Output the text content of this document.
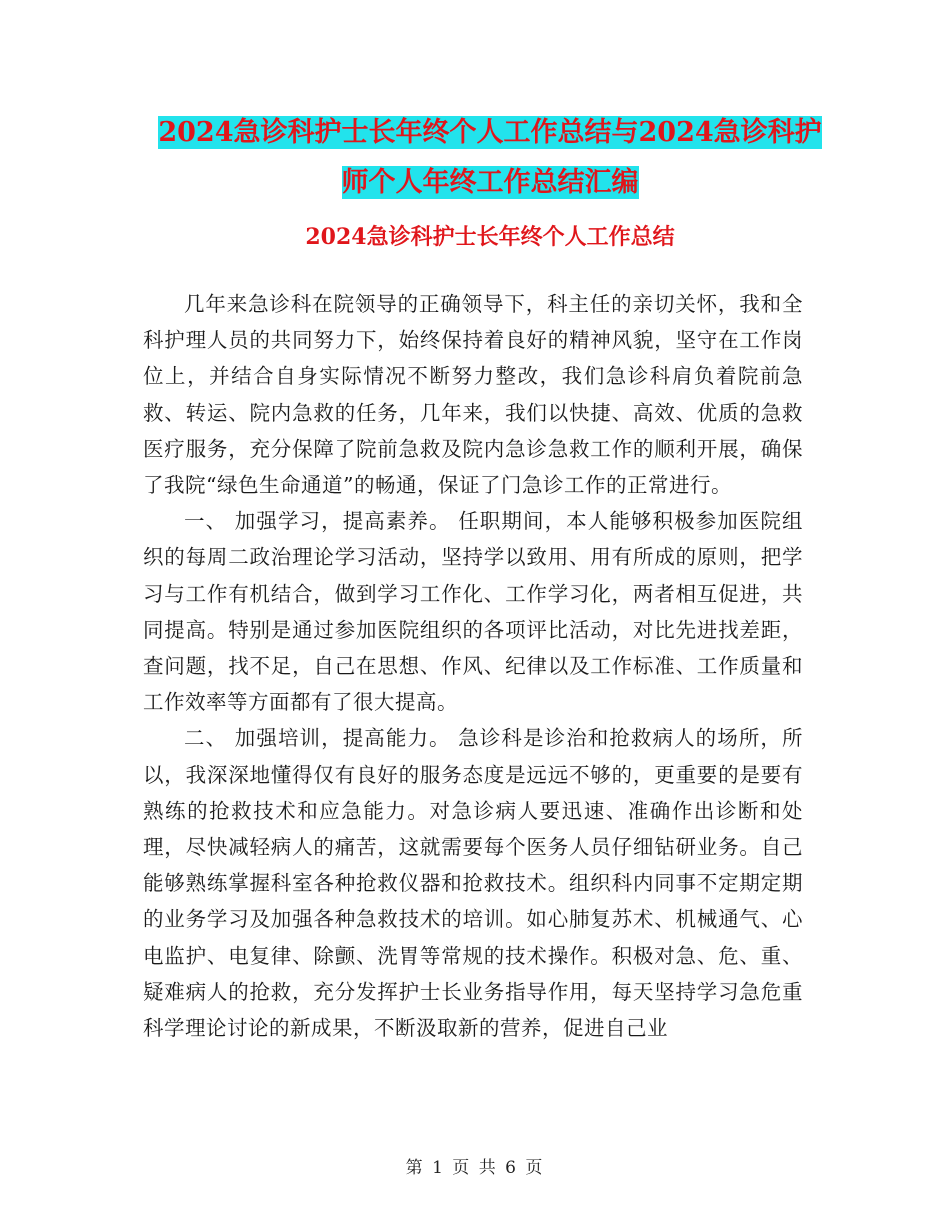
2024急诊科护士长年终个人工作总结与2024急诊科护
师个人年终工作总结汇编
2024急诊科护士长年终个人工作总结

几年来急诊科在院领导的正确领导下，科主任的亲切关怀，我和全科护理人员的共同努力下，始终保持着良好的精神风貌，坚守在工作岗位上，并结合自身实际情况不断努力整改，我们急诊科肩负着院前急救、转运、院内急救的任务，几年来，我们以快捷、高效、优质的急救医疗服务，充分保障了院前急救及院内急诊急救工作的顺利开展，确保了我院“绿色生命通道”的畅通，保证了门急诊工作的正常进行。

一、 加强学习，提高素养。 任职期间，本人能够积极参加医院组织的每周二政治理论学习活动，坚持学以致用、用有所成的原则，把学习与工作有机结合，做到学习工作化、工作学习化，两者相互促进，共同提高。特别是通过参加医院组织的各项评比活动，对比先进找差距，查问题，找不足，自己在思想、作风、纪律以及工作标准、工作质量和工作效率等方面都有了很大提高。

二、 加强培训，提高能力。 急诊科是诊治和抢救病人的场所，所以，我深深地懂得仅有良好的服务态度是远远不够的，更重要的是要有熟练的抢救技术和应急能力。对急诊病人要迅速、准确作出诊断和处理，尽快减轻病人的痛苦，这就需要每个医务人员仔细钻研业务。自己能够熟练掌握科室各种抢救仪器和抢救技术。组织科内同事不定期定期的业务学习及加强各种急救技术的培训。如心肺复苏术、机械通气、心电监护、电复律、除颤、洗胃等常规的技术操作。积极对急、危、重、疑难病人的抢救，充分发挥护士长业务指导作用，每天坚持学习急危重科学理论讨论的新成果，不断汲取新的营养，促进自己业

第 1 页 共 6 页
